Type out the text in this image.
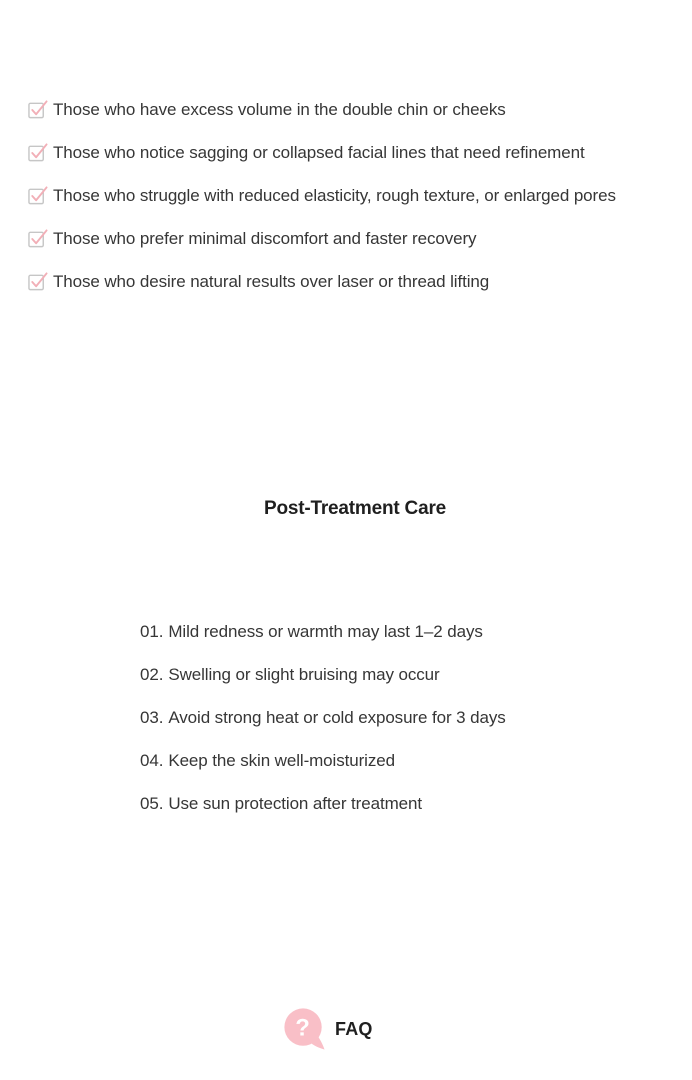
Those who have excess volume in the double chin or cheeks
Those who notice sagging or collapsed facial lines that need refinement
Those who struggle with reduced elasticity, rough texture, or enlarged pores
Those who prefer minimal discomfort and faster recovery
Those who desire natural results over laser or thread lifting
Post-Treatment Care
01. Mild redness or warmth may last 1–2 days
02. Swelling or slight bruising may occur
03. Avoid strong heat or cold exposure for 3 days
04. Keep the skin well-moisturized
05. Use sun protection after treatment
? FAQ
